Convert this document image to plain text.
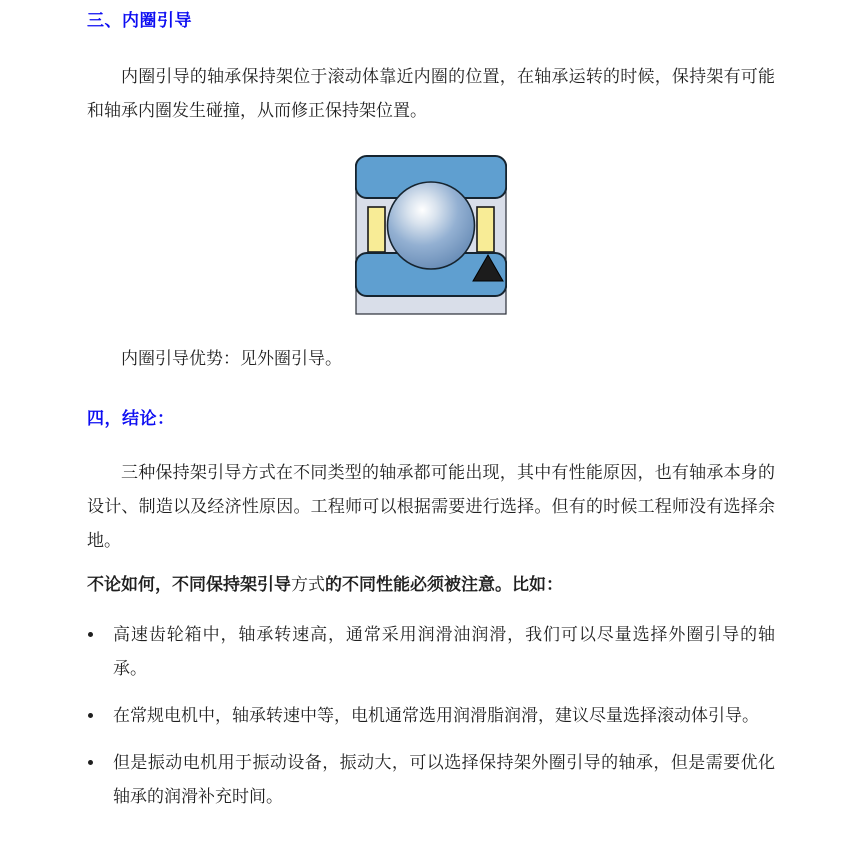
三、内圈引导

内圈引导的轴承保持架位于滚动体靠近内圈的位置，在轴承运转的时候，保持架有可能和轴承内圈发生碰撞，从而修正保持架位置。

内圈引导优势：见外圈引导。

四，结论：

三种保持架引导方式在不同类型的轴承都可能出现，其中有性能原因，也有轴承本身的设计、制造以及经济性原因。工程师可以根据需要进行选择。但有的时候工程师没有选择余地。

不论如何，不同保持架引导方式的不同性能必须被注意。比如：

• 高速齿轮箱中，轴承转速高，通常采用润滑油润滑，我们可以尽量选择外圈引导的轴承。
• 在常规电机中，轴承转速中等，电机通常选用润滑脂润滑，建议尽量选择滚动体引导。
• 但是振动电机用于振动设备，振动大，可以选择保持架外圈引导的轴承，但是需要优化轴承的润滑补充时间。
